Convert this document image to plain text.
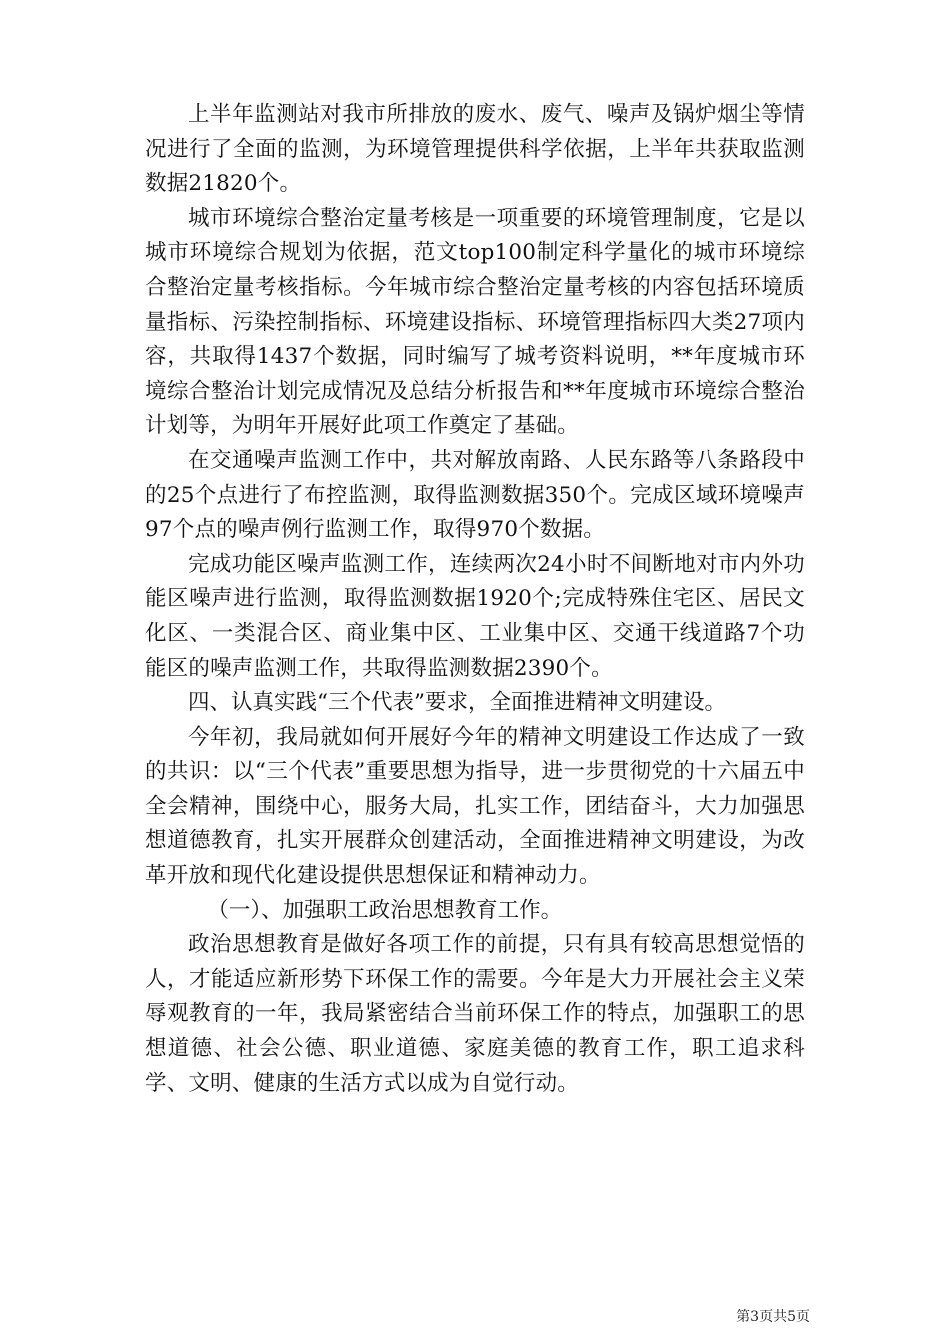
上半年监测站对我市所排放的废水、废气、噪声及锅炉烟尘等情况进行了全面的监测，为环境管理提供科学依据，上半年共获取监测数据21820个。

城市环境综合整治定量考核是一项重要的环境管理制度，它是以城市环境综合规划为依据，范文top100制定科学量化的城市环境综合整治定量考核指标。今年城市综合整治定量考核的内容包括环境质量指标、污染控制指标、环境建设指标、环境管理指标四大类27项内容，共取得1437个数据，同时编写了城考资料说明，**年度城市环境综合整治计划完成情况及总结分析报告和**年度城市环境综合整治计划等，为明年开展好此项工作奠定了基础。

在交通噪声监测工作中，共对解放南路、人民东路等八条路段中的25个点进行了布控监测，取得监测数据350个。完成区域环境噪声97个点的噪声例行监测工作，取得970个数据。

完成功能区噪声监测工作，连续两次24小时不间断地对市内外功能区噪声进行监测，取得监测数据1920个;完成特殊住宅区、居民文化区、一类混合区、商业集中区、工业集中区、交通干线道路7个功能区的噪声监测工作，共取得监测数据2390个。

四、认真实践“三个代表”要求，全面推进精神文明建设。

今年初，我局就如何开展好今年的精神文明建设工作达成了一致的共识：以“三个代表”重要思想为指导，进一步贯彻党的十六届五中全会精神，围绕中心，服务大局，扎实工作，团结奋斗，大力加强思想道德教育，扎实开展群众创建活动，全面推进精神文明建设，为改革开放和现代化建设提供思想保证和精神动力。

（一）、加强职工政治思想教育工作。

政治思想教育是做好各项工作的前提，只有具有较高思想觉悟的人，才能适应新形势下环保工作的需要。今年是大力开展社会主义荣辱观教育的一年，我局紧密结合当前环保工作的特点，加强职工的思想道德、社会公德、职业道德、家庭美德的教育工作，职工追求科学、文明、健康的生活方式以成为自觉行动。

第3页共5页
